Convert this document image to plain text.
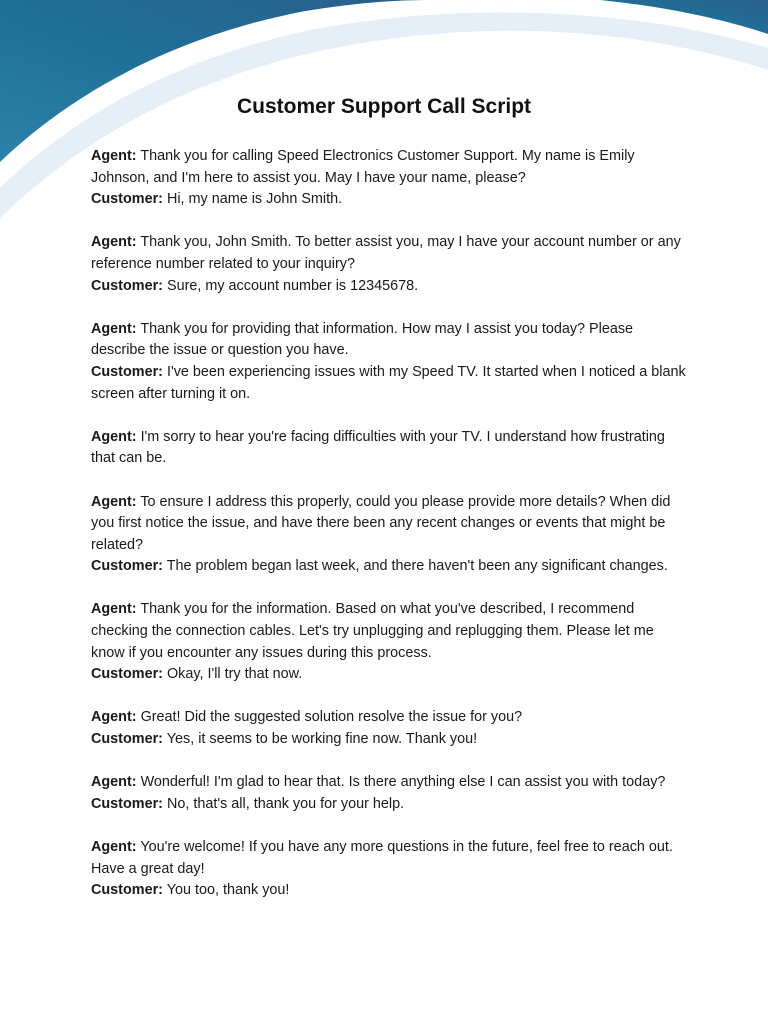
Customer Support Call Script

Agent: Thank you for calling Speed Electronics Customer Support. My name is Emily Johnson, and I'm here to assist you. May I have your name, please?

Customer: Hi, my name is John Smith.

Agent: Thank you, John Smith. To better assist you, may I have your account number or any reference number related to your inquiry?

Customer: Sure, my account number is 12345678.

Agent: Thank you for providing that information. How may I assist you today? Please describe the issue or question you have.

Customer: I've been experiencing issues with my Speed TV. It started when I noticed a blank screen after turning it on.

Agent: I'm sorry to hear you're facing difficulties with your TV. I understand how frustrating that can be.

Agent: To ensure I address this properly, could you please provide more details? When did you first notice the issue, and have there been any recent changes or events that might be related?

Customer: The problem began last week, and there haven't been any significant changes.

Agent: Thank you for the information. Based on what you've described, I recommend checking the connection cables. Let's try unplugging and replugging them. Please let me know if you encounter any issues during this process.

Customer: Okay, I'll try that now.

Agent: Great! Did the suggested solution resolve the issue for you?

Customer: Yes, it seems to be working fine now. Thank you!

Agent: Wonderful! I'm glad to hear that. Is there anything else I can assist you with today?

Customer: No, that's all, thank you for your help.

Agent: You're welcome! If you have any more questions in the future, feel free to reach out. Have a great day!

Customer: You too, thank you!
